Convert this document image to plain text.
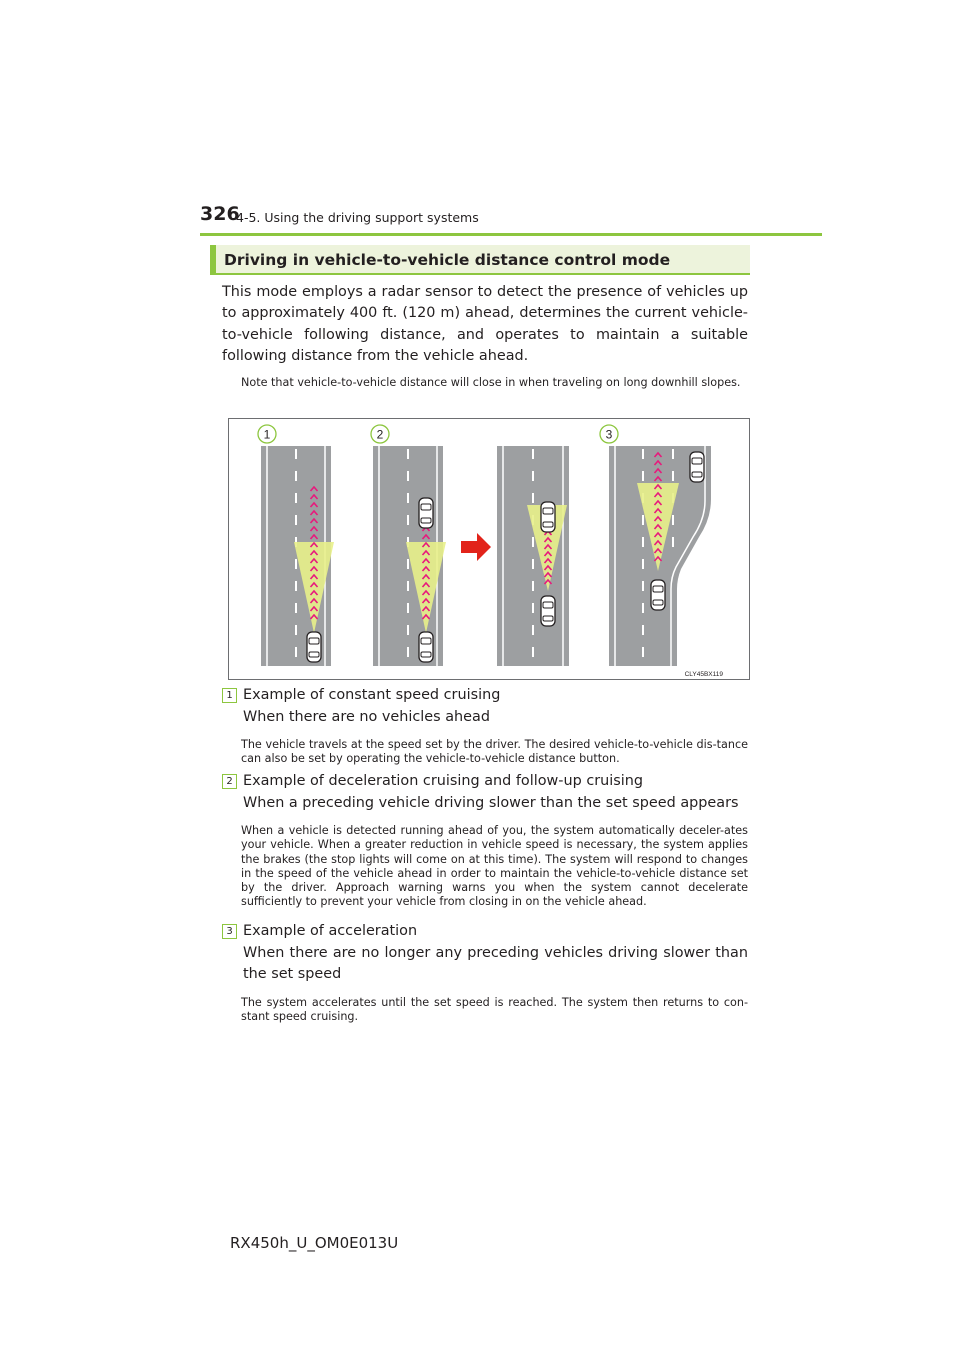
326
4-5. Using the driving support systems
Driving in vehicle-to-vehicle distance control mode
This mode employs a radar sensor to detect the presence of vehicles up to approximately 400 ft. (120 m) ahead, determines the current vehicle-to-vehicle following distance, and operates to maintain a suitable following distance from the vehicle ahead.
Note that vehicle-to-vehicle distance will close in when traveling on long downhill slopes.
1	2	3
CLY45BX119
1 Example of constant speed cruising
When there are no vehicles ahead
The vehicle travels at the speed set by the driver. The desired vehicle-to-vehicle dis-tance can also be set by operating the vehicle-to-vehicle distance button.
2 Example of deceleration cruising and follow-up cruising
When a preceding vehicle driving slower than the set speed appears
When a vehicle is detected running ahead of you, the system automatically deceler-ates your vehicle. When a greater reduction in vehicle speed is necessary, the system applies the brakes (the stop lights will come on at this time). The system will respond to changes in the speed of the vehicle ahead in order to maintain the vehicle-to-vehicle distance set by the driver. Approach warning warns you when the system cannot decelerate sufficiently to prevent your vehicle from closing in on the vehicle ahead.
3 Example of acceleration
When there are no longer any preceding vehicles driving slower than the set speed
The system accelerates until the set speed is reached. The system then returns to con-stant speed cruising.
RX450h_U_OM0E013U
